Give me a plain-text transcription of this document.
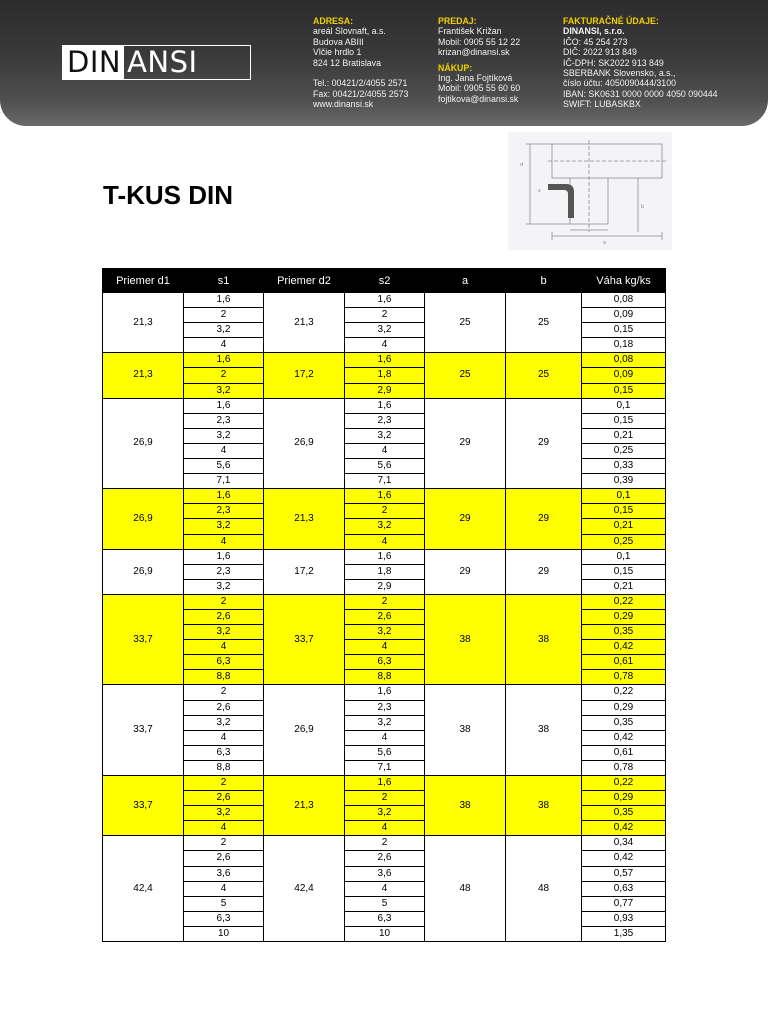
DIN ANSI
ADRESA:
areál Slovnaft, a.s.
Budova ABIII
Vlčie hrdlo 1
824 12 Bratislava
Tel.: 00421/2/4055 2571
Fax: 00421/2/4055 2573
www.dinansi.sk
PREDAJ:
František Križan
Mobil: 0905 55 12 22
krizan@dinansi.sk
NÁKUP:
Ing. Jana Fojtíková
Mobil: 0905 55 60 60
fojtikova@dinansi.sk
FAKTURAČNÉ ÚDAJE:
DINANSI, s.r.o.
IČO: 45 254 273
DIČ: 2022 913 849
IČ-DPH: SK2022 913 849
SBERBANK Slovensko, a.s.,
číslo účtu: 4050090444/3100
IBAN: SK0631 0000 0000 4050 090444
SWIFT: LUBASKBX
T-KUS DIN
d
s
a
b
Priemer d1	s1	Priemer d2	s2	a	b	Váha kg/ks
21,3	1,6	21,3	1,6	25	25	0,08
	2		2			0,09
	3,2		3,2			0,15
	4		4			0,18
21,3	1,6	17,2	1,6	25	25	0,08
	2		1,8			0,09
	3,2		2,9			0,15
26,9	1,6	26,9	1,6	29	29	0,1
	2,3		2,3			0,15
	3,2		3,2			0,21
	4		4			0,25
	5,6		5,6			0,33
	7,1		7,1			0,39
26,9	1,6	21,3	1,6	29	29	0,1
	2,3		2			0,15
	3,2		3,2			0,21
	4		4			0,25
26,9	1,6	17,2	1,6	29	29	0,1
	2,3		1,8			0,15
	3,2		2,9			0,21
33,7	2	33,7	2	38	38	0,22
	2,6		2,6			0,29
	3,2		3,2			0,35
	4		4			0,42
	6,3		6,3			0,61
	8,8		8,8			0,78
33,7	2	26,9	1,6	38	38	0,22
	2,6		2,3			0,29
	3,2		3,2			0,35
	4		4			0,42
	6,3		5,6			0,61
	8,8		7,1			0,78
33,7	2	21,3	1,6	38	38	0,22
	2,6		2			0,29
	3,2		3,2			0,35
	4		4			0,42
42,4	2	42,4	2	48	48	0,34
	2,6		2,6			0,42
	3,6		3,6			0,57
	4		4			0,63
	5		5			0,77
	6,3		6,3			0,93
	10		10			1,35
